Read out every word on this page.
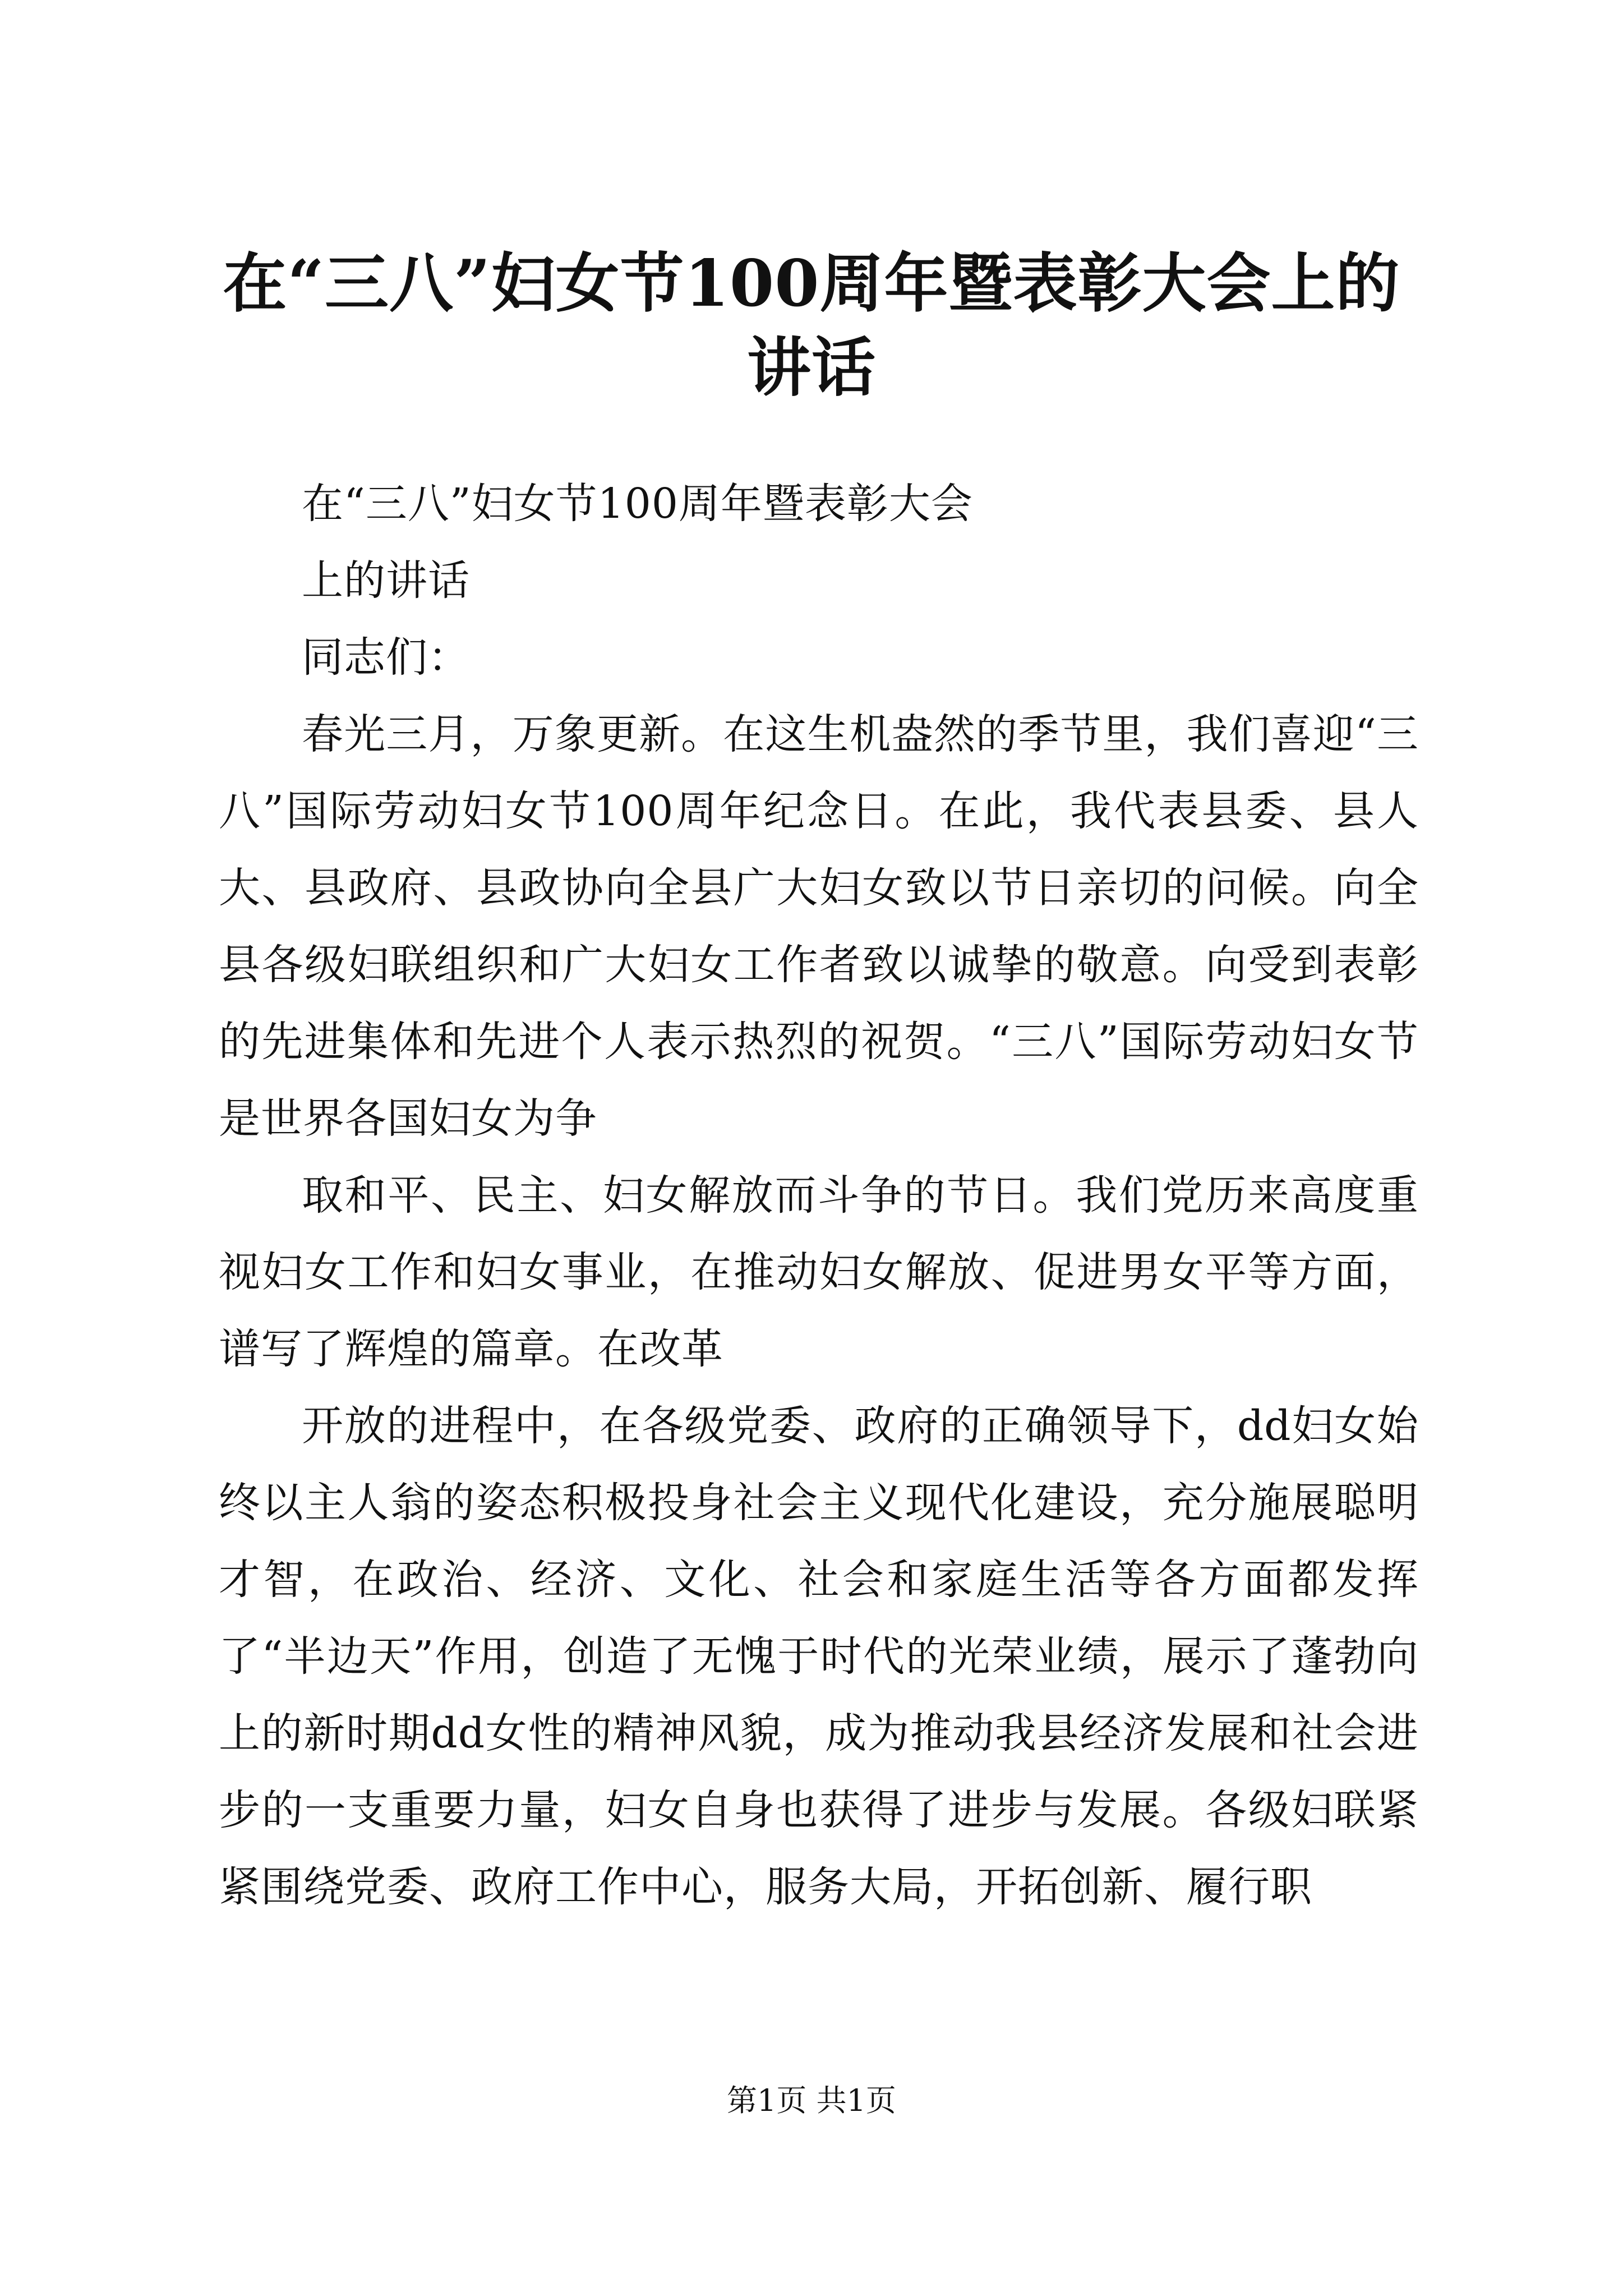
在“三八”妇女节100周年暨表彰大会上的讲话

在“三八”妇女节100周年暨表彰大会

上的讲话

同志们：

春光三月，万象更新。在这生机盎然的季节里，我们喜迎“三八”国际劳动妇女节100周年纪念日。在此，我代表县委、县人大、县政府、县政协向全县广大妇女致以节日亲切的问候。向全县各级妇联组织和广大妇女工作者致以诚挚的敬意。向受到表彰的先进集体和先进个人表示热烈的祝贺。“三八”国际劳动妇女节是世界各国妇女为争

取和平、民主、妇女解放而斗争的节日。我们党历来高度重视妇女工作和妇女事业，在推动妇女解放、促进男女平等方面，谱写了辉煌的篇章。在改革

开放的进程中，在各级党委、政府的正确领导下，dd妇女始终以主人翁的姿态积极投身社会主义现代化建设，充分施展聪明才智，在政治、经济、文化、社会和家庭生活等各方面都发挥了“半边天”作用，创造了无愧于时代的光荣业绩，展示了蓬勃向上的新时期dd女性的精神风貌，成为推动我县经济发展和社会进步的一支重要力量，妇女自身也获得了进步与发展。各级妇联紧紧围绕党委、政府工作中心，服务大局，开拓创新、履行职

第1页 共1页
